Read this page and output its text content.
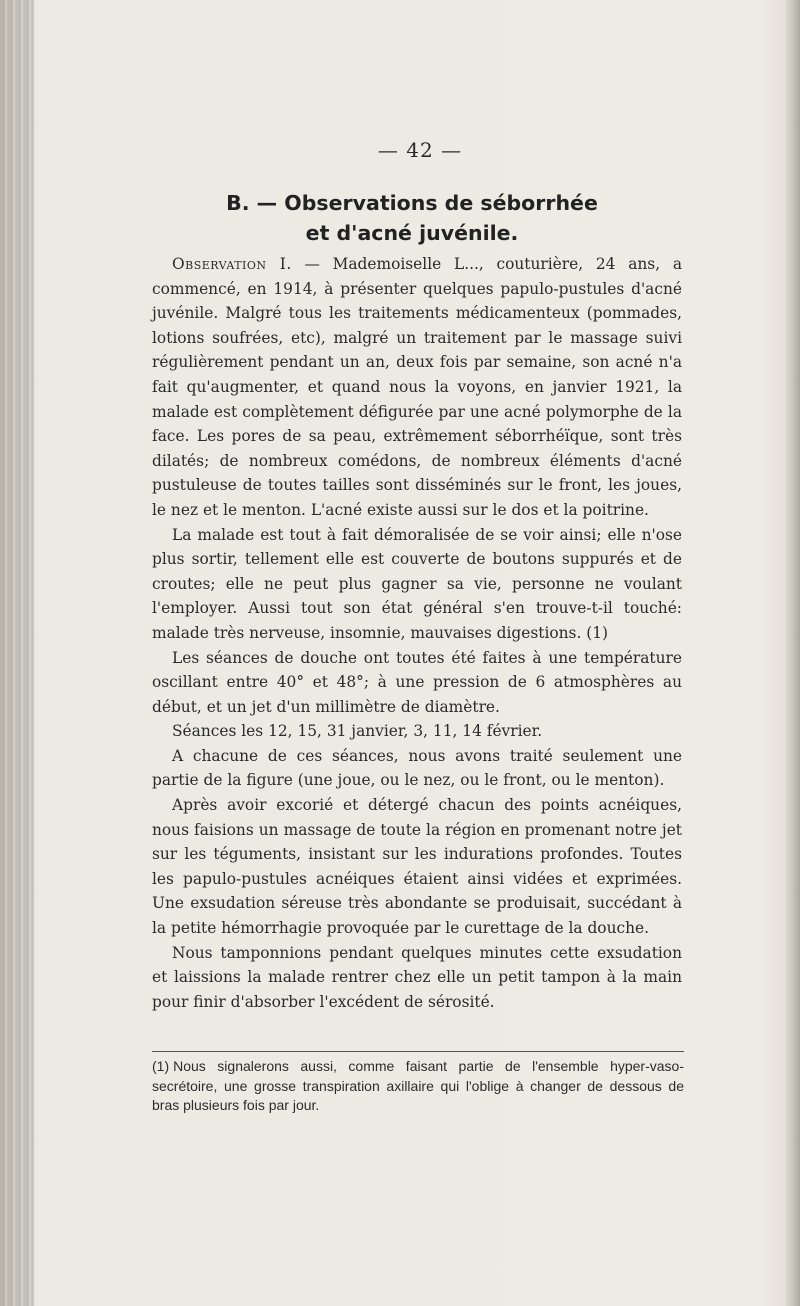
— 42 —
B. — Observations de séborrhée
et d'acné juvénile.

Observation I. — Mademoiselle L..., couturière, 24 ans, a commencé, en 1914, à présenter quelques papulo-pustules d'acné juvénile. Malgré tous les traitements médicamenteux (pommades, lotions soufrées, etc), malgré un traitement par le massage suivi régulièrement pendant un an, deux fois par semaine, son acné n'a fait qu'augmenter, et quand nous la voyons, en janvier 1921, la malade est complètement défigurée par une acné polymorphe de la face. Les pores de sa peau, extrêmement séborrhéïque, sont très dilatés; de nombreux comédons, de nombreux éléments d'acné pustuleuse de toutes tailles sont disséminés sur le front, les joues, le nez et le menton. L'acné existe aussi sur le dos et la poitrine.

La malade est tout à fait démoralisée de se voir ainsi; elle n'ose plus sortir, tellement elle est couverte de boutons suppurés et de croutes; elle ne peut plus gagner sa vie, personne ne voulant l'employer. Aussi tout son état général s'en trouve-t-il touché: malade très nerveuse, insomnie, mauvaises digestions. (1)

Les séances de douche ont toutes été faites à une température oscillant entre 40° et 48°; à une pression de 6 atmosphères au début, et un jet d'un millimètre de diamètre.

Séances les 12, 15, 31 janvier, 3, 11, 14 février.

A chacune de ces séances, nous avons traité seulement une partie de la figure (une joue, ou le nez, ou le front, ou le menton).

Après avoir excorié et détergé chacun des points acnéiques, nous faisions un massage de toute la région en promenant notre jet sur les téguments, insistant sur les indurations profondes. Toutes les papulo-pustules acnéiques étaient ainsi vidées et exprimées. Une exsudation séreuse très abondante se produisait, succédant à la petite hémorrhagie provoquée par le curettage de la douche.

Nous tamponnions pendant quelques minutes cette exsudation et laissions la malade rentrer chez elle un petit tampon à la main pour finir d'absorber l'excédent de sérosité.

(1) Nous signalerons aussi, comme faisant partie de l'ensemble hyper-vaso-secrétoire, une grosse transpiration axillaire qui l'oblige à changer de dessous de bras plusieurs fois par jour.
